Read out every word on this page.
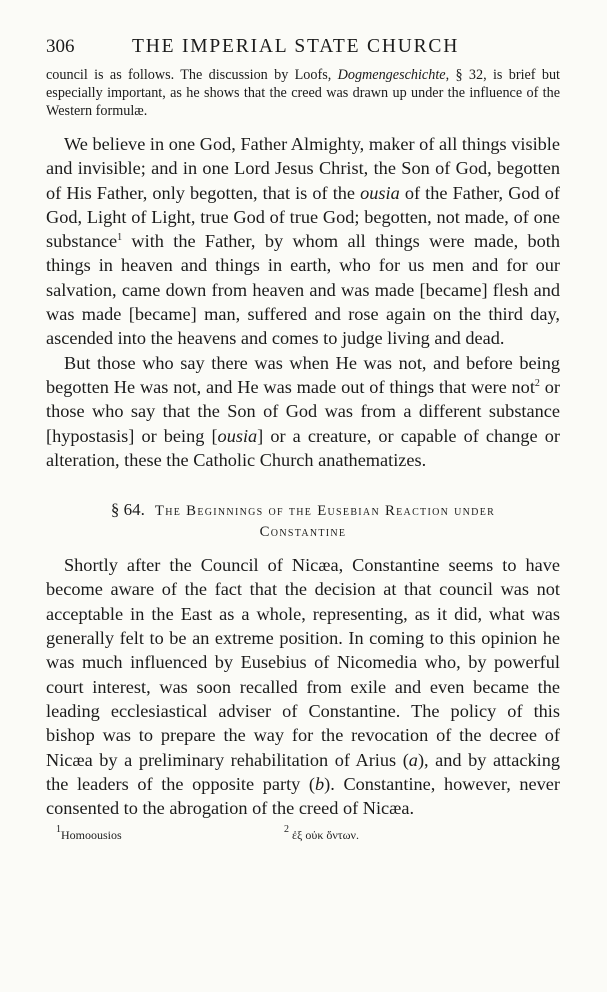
306	THE IMPERIAL STATE CHURCH

council is as follows. The discussion by Loofs, Dogmengeschichte, § 32, is brief but especially important, as he shows that the creed was drawn up under the influence of the Western formulæ.

We believe in one God, Father Almighty, maker of all things visible and invisible; and in one Lord Jesus Christ, the Son of God, begotten of His Father, only begotten, that is of the ousia of the Father, God of God, Light of Light, true God of true God; begotten, not made, of one substance$^1$ with the Father, by whom all things were made, both things in heaven and things in earth, who for us men and for our salvation, came down from heaven and was made [became] flesh and was made [became] man, suffered and rose again on the third day, ascended into the heavens and comes to judge living and dead.

But those who say there was when He was not, and before being begotten He was not, and He was made out of things that were not$^2$ or those who say that the Son of God was from a different substance [hypostasis] or being [ousia] or a creature, or capable of change or alteration, these the Catholic Church anathematizes.

§ 64. The Beginnings of the Eusebian Reaction under
Constantine

Shortly after the Council of Nicæa, Constantine seems to have become aware of the fact that the decision at that council was not acceptable in the East as a whole, representing, as it did, what was generally felt to be an extreme position. In coming to this opinion he was much influenced by Eusebius of Nicomedia who, by powerful court interest, was soon recalled from exile and even became the leading ecclesiastical adviser of Constantine. The policy of this bishop was to prepare the way for the revocation of the decree of Nicæa by a preliminary rehabilitation of Arius (a), and by attacking the leaders of the opposite party (b). Constantine, however, never consented to the abrogation of the creed of Nicæa.

$^1$Homoousios	$^2$ ἐξ οὐκ ὄντων.
